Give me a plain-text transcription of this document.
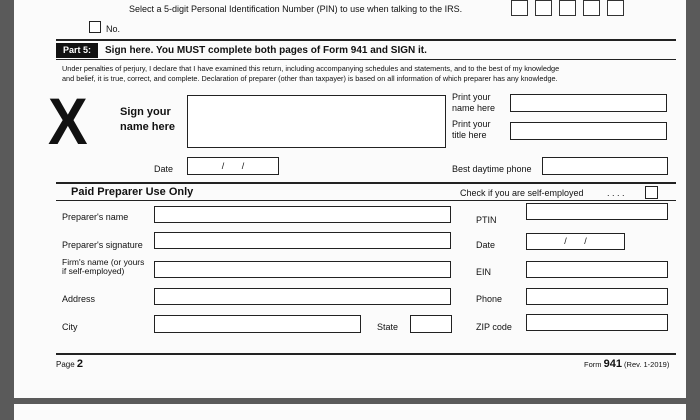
Select a 5-digit Personal Identification Number (PIN) to use when talking to the IRS.
No.
Part 5:	Sign here. You MUST complete both pages of Form 941 and SIGN it.
Under penalties of perjury, I declare that I have examined this return, including accompanying schedules and statements, and to the best of my knowledge
and belief, it is true, correct, and complete. Declaration of preparer (other than taxpayer) is based on all information of which preparer has any knowledge.
X	Sign your
name here
Print your
name here
Print your
title here
Date	/       /	Best daytime phone
Paid Preparer Use Only	Check if you are self-employed	. . . .
Preparer's name	PTIN
Preparer's signature	Date	/       /
Firm's name (or yours
if self-employed)	EIN
Address	Phone
City	State	ZIP code
Page 2	Form 941 (Rev. 1-2019)
